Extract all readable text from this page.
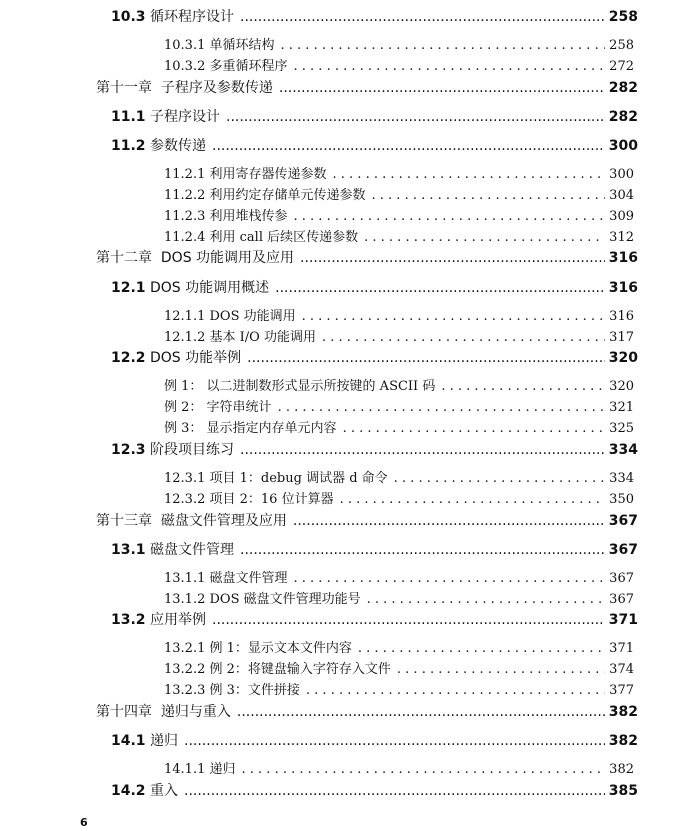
10.3 循环程序设计 .....	258
10.3.1 单循环结构 . . .	258
10.3.2 多重循环程序 . . .	272
第十一章 子程序及参数传递 .....	282
11.1 子程序设计 .....	282
11.2 参数传递 .....	300
11.2.1 利用寄存器传递参数 . . .	300
11.2.2 利用约定存储单元传递参数 . . .	304
11.2.3 利用堆栈传参 . . .	309
11.2.4 利用 call 后续区传递参数 . . .	312
第十二章 DOS 功能调用及应用 .....	316
12.1 DOS 功能调用概述 .....	316
12.1.1 DOS 功能调用 . . .	316
12.1.2 基本 I/O 功能调用 . . .	317
12.2 DOS 功能举例 .....	320
例 1： 以二进制数形式显示所按键的 ASCII 码 . . .	320
例 2： 字符串统计 . . .	321
例 3： 显示指定内存单元内容 . . .	325
12.3 阶段项目练习 .....	334
12.3.1 项目 1：debug 调试器 d 命令 . . .	334
12.3.2 项目 2：16 位计算器 . . .	350
第十三章 磁盘文件管理及应用 .....	367
13.1 磁盘文件管理 .....	367
13.1.1 磁盘文件管理 . . .	367
13.1.2 DOS 磁盘文件管理功能号 . . .	367
13.2 应用举例 .....	371
13.2.1 例 1：显示文本文件内容 . . .	371
13.2.2 例 2：将键盘输入字符存入文件 . . .	374
13.2.3 例 3：文件拼接 . . .	377
第十四章 递归与重入 .....	382
14.1 递归 .....	382
14.1.1 递归 . . .	382
14.2 重入 .....	385
6
